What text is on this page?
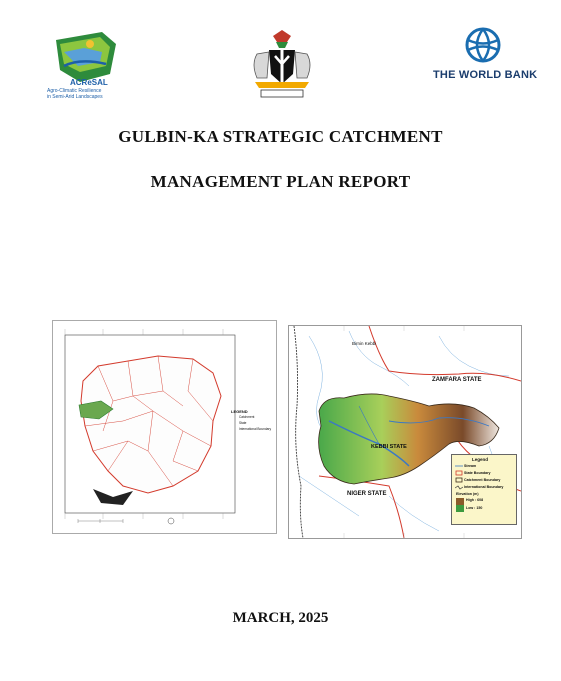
ACReSAL
Agro-Climatic Resilience
in Semi-Arid Landscapes
THE WORLD BANK
GULBIN-KA STRATEGIC CATCHMENT
MANAGEMENT PLAN REPORT
LEGEND
Catchment
State
International Boundary
Birnin Kebbi
ZAMFARA STATE
KEBBI STATE
NIGER STATE
Legend
Stream
State Boundary
Catchment Boundary
International Boundary
Elevation (m)
High : 608
Low : 150
MARCH, 2025
